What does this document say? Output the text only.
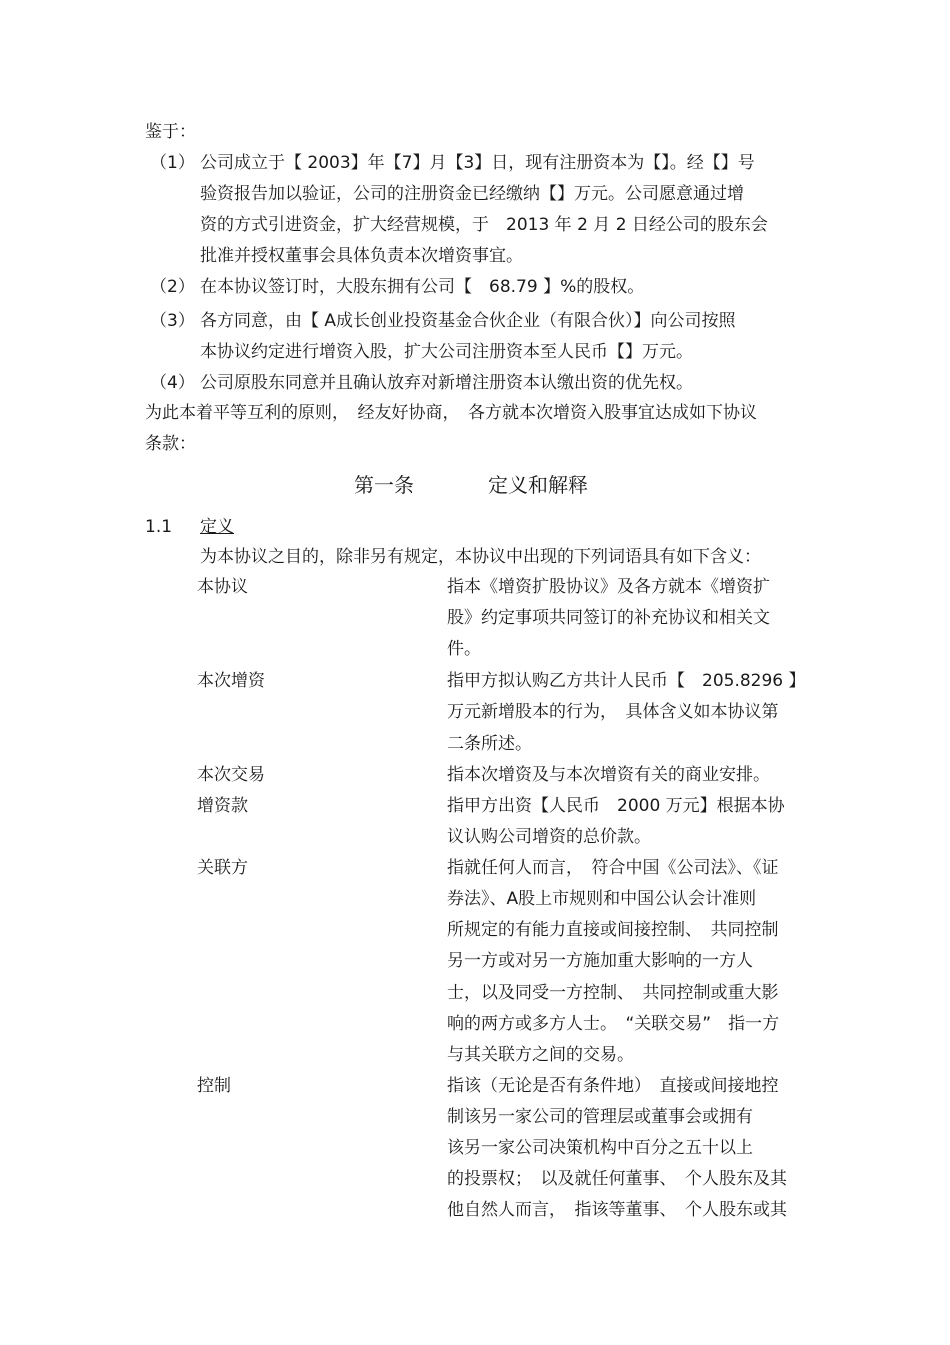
鉴于：
（1） 公司成立于【 2003】年【7】月【3】日，现有注册资本为【】。经【】号
验资报告加以验证，公司的注册资金已经缴纳【】万元。公司愿意通过增
资的方式引进资金，扩大经营规模，于　2013 年 2 月 2 日经公司的股东会
批准并授权董事会具体负责本次增资事宜。
（2） 在本协议签订时，大股东拥有公司【　68.79 】%的股权。
（3） 各方同意，由【 A成长创业投资基金合伙企业（有限合伙）】向公司按照
本协议约定进行增资入股，扩大公司注册资本至人民币【】万元。
（4） 公司原股东同意并且确认放弃对新增注册资本认缴出资的优先权。
为此本着平等互利的原则，　经友好协商，　各方就本次增资入股事宜达成如下协议
条款：
第一条	定义和解释
1.1 定义
为本协议之目的，除非另有规定，本协议中出现的下列词语具有如下含义：
本协议	指本《增资扩股协议》及各方就本《增资扩
股》约定事项共同签订的补充协议和相关文
件。
本次增资	指甲方拟认购乙方共计人民币【　205.8296 】
万元新增股本的行为，　具体含义如本协议第
二条所述。
本次交易	指本次增资及与本次增资有关的商业安排。
增资款	指甲方出资【人民币　2000 万元】根据本协
议认购公司增资的总价款。
关联方	指就任何人而言，　符合中国《公司法》、《证
券法》、A股上市规则和中国公认会计准则
所规定的有能力直接或间接控制、　共同控制
另一方或对另一方施加重大影响的一方人
士，以及同受一方控制、　共同控制或重大影
响的两方或多方人士。　“关联交易”　指一方
与其关联方之间的交易。
控制	指该（无论是否有条件地）　直接或间接地控
制该另一家公司的管理层或董事会或拥有
该另一家公司决策机构中百分之五十以上
的投票权；　以及就任何董事、　个人股东及其
他自然人而言，　指该等董事、　个人股东或其
